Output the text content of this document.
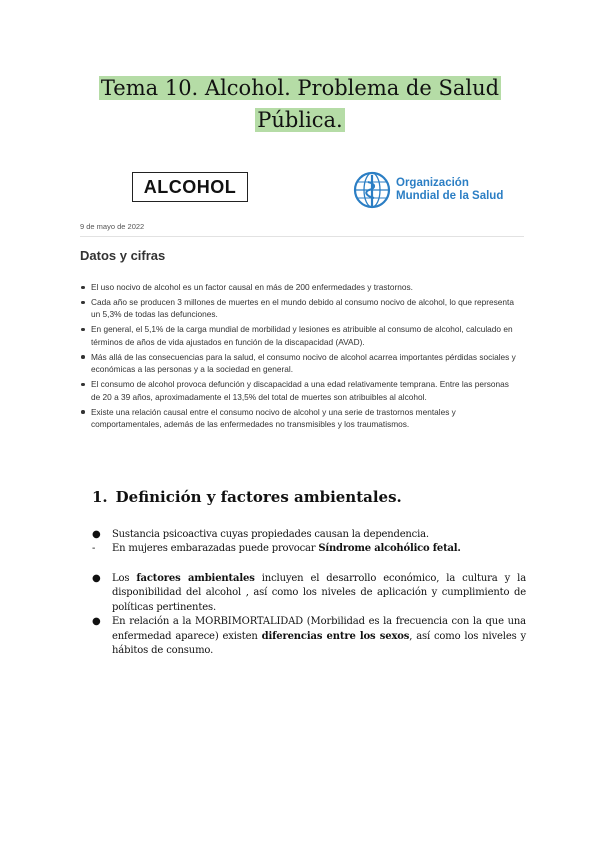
Tema 10. Alcohol. Problema de Salud
Pública.
ALCOHOL	Organización
Mundial de la Salud
9 de mayo de 2022
Datos y cifras
El uso nocivo de alcohol es un factor causal en más de 200 enfermedades y trastornos.
Cada año se producen 3 millones de muertes en el mundo debido al consumo nocivo de alcohol, lo que representa un 5,3% de todas las defunciones.
En general, el 5,1% de la carga mundial de morbilidad y lesiones es atribuible al consumo de alcohol, calculado en términos de años de vida ajustados en función de la discapacidad (AVAD).
Más allá de las consecuencias para la salud, el consumo nocivo de alcohol acarrea importantes pérdidas sociales y económicas a las personas y a la sociedad en general.
El consumo de alcohol provoca defunción y discapacidad a una edad relativamente temprana. Entre las personas de 20 a 39 años, aproximadamente el 13,5% del total de muertes son atribuibles al alcohol.
Existe una relación causal entre el consumo nocivo de alcohol y una serie de trastornos mentales y comportamentales, además de las enfermedades no transmisibles y los traumatismos.
1. Definición y factores ambientales.
●	Sustancia psicoactiva cuyas propiedades causan la dependencia.
-	En mujeres embarazadas puede provocar Síndrome alcohólico fetal.
●	Los factores ambientales incluyen el desarrollo económico, la cultura y la disponibilidad del alcohol , así como los niveles de aplicación y cumplimiento de políticas pertinentes.
●	En relación a la MORBIMORTALIDAD (Morbilidad es la frecuencia con la que una enfermedad aparece) existen diferencias entre los sexos, así como los niveles y hábitos de consumo.
